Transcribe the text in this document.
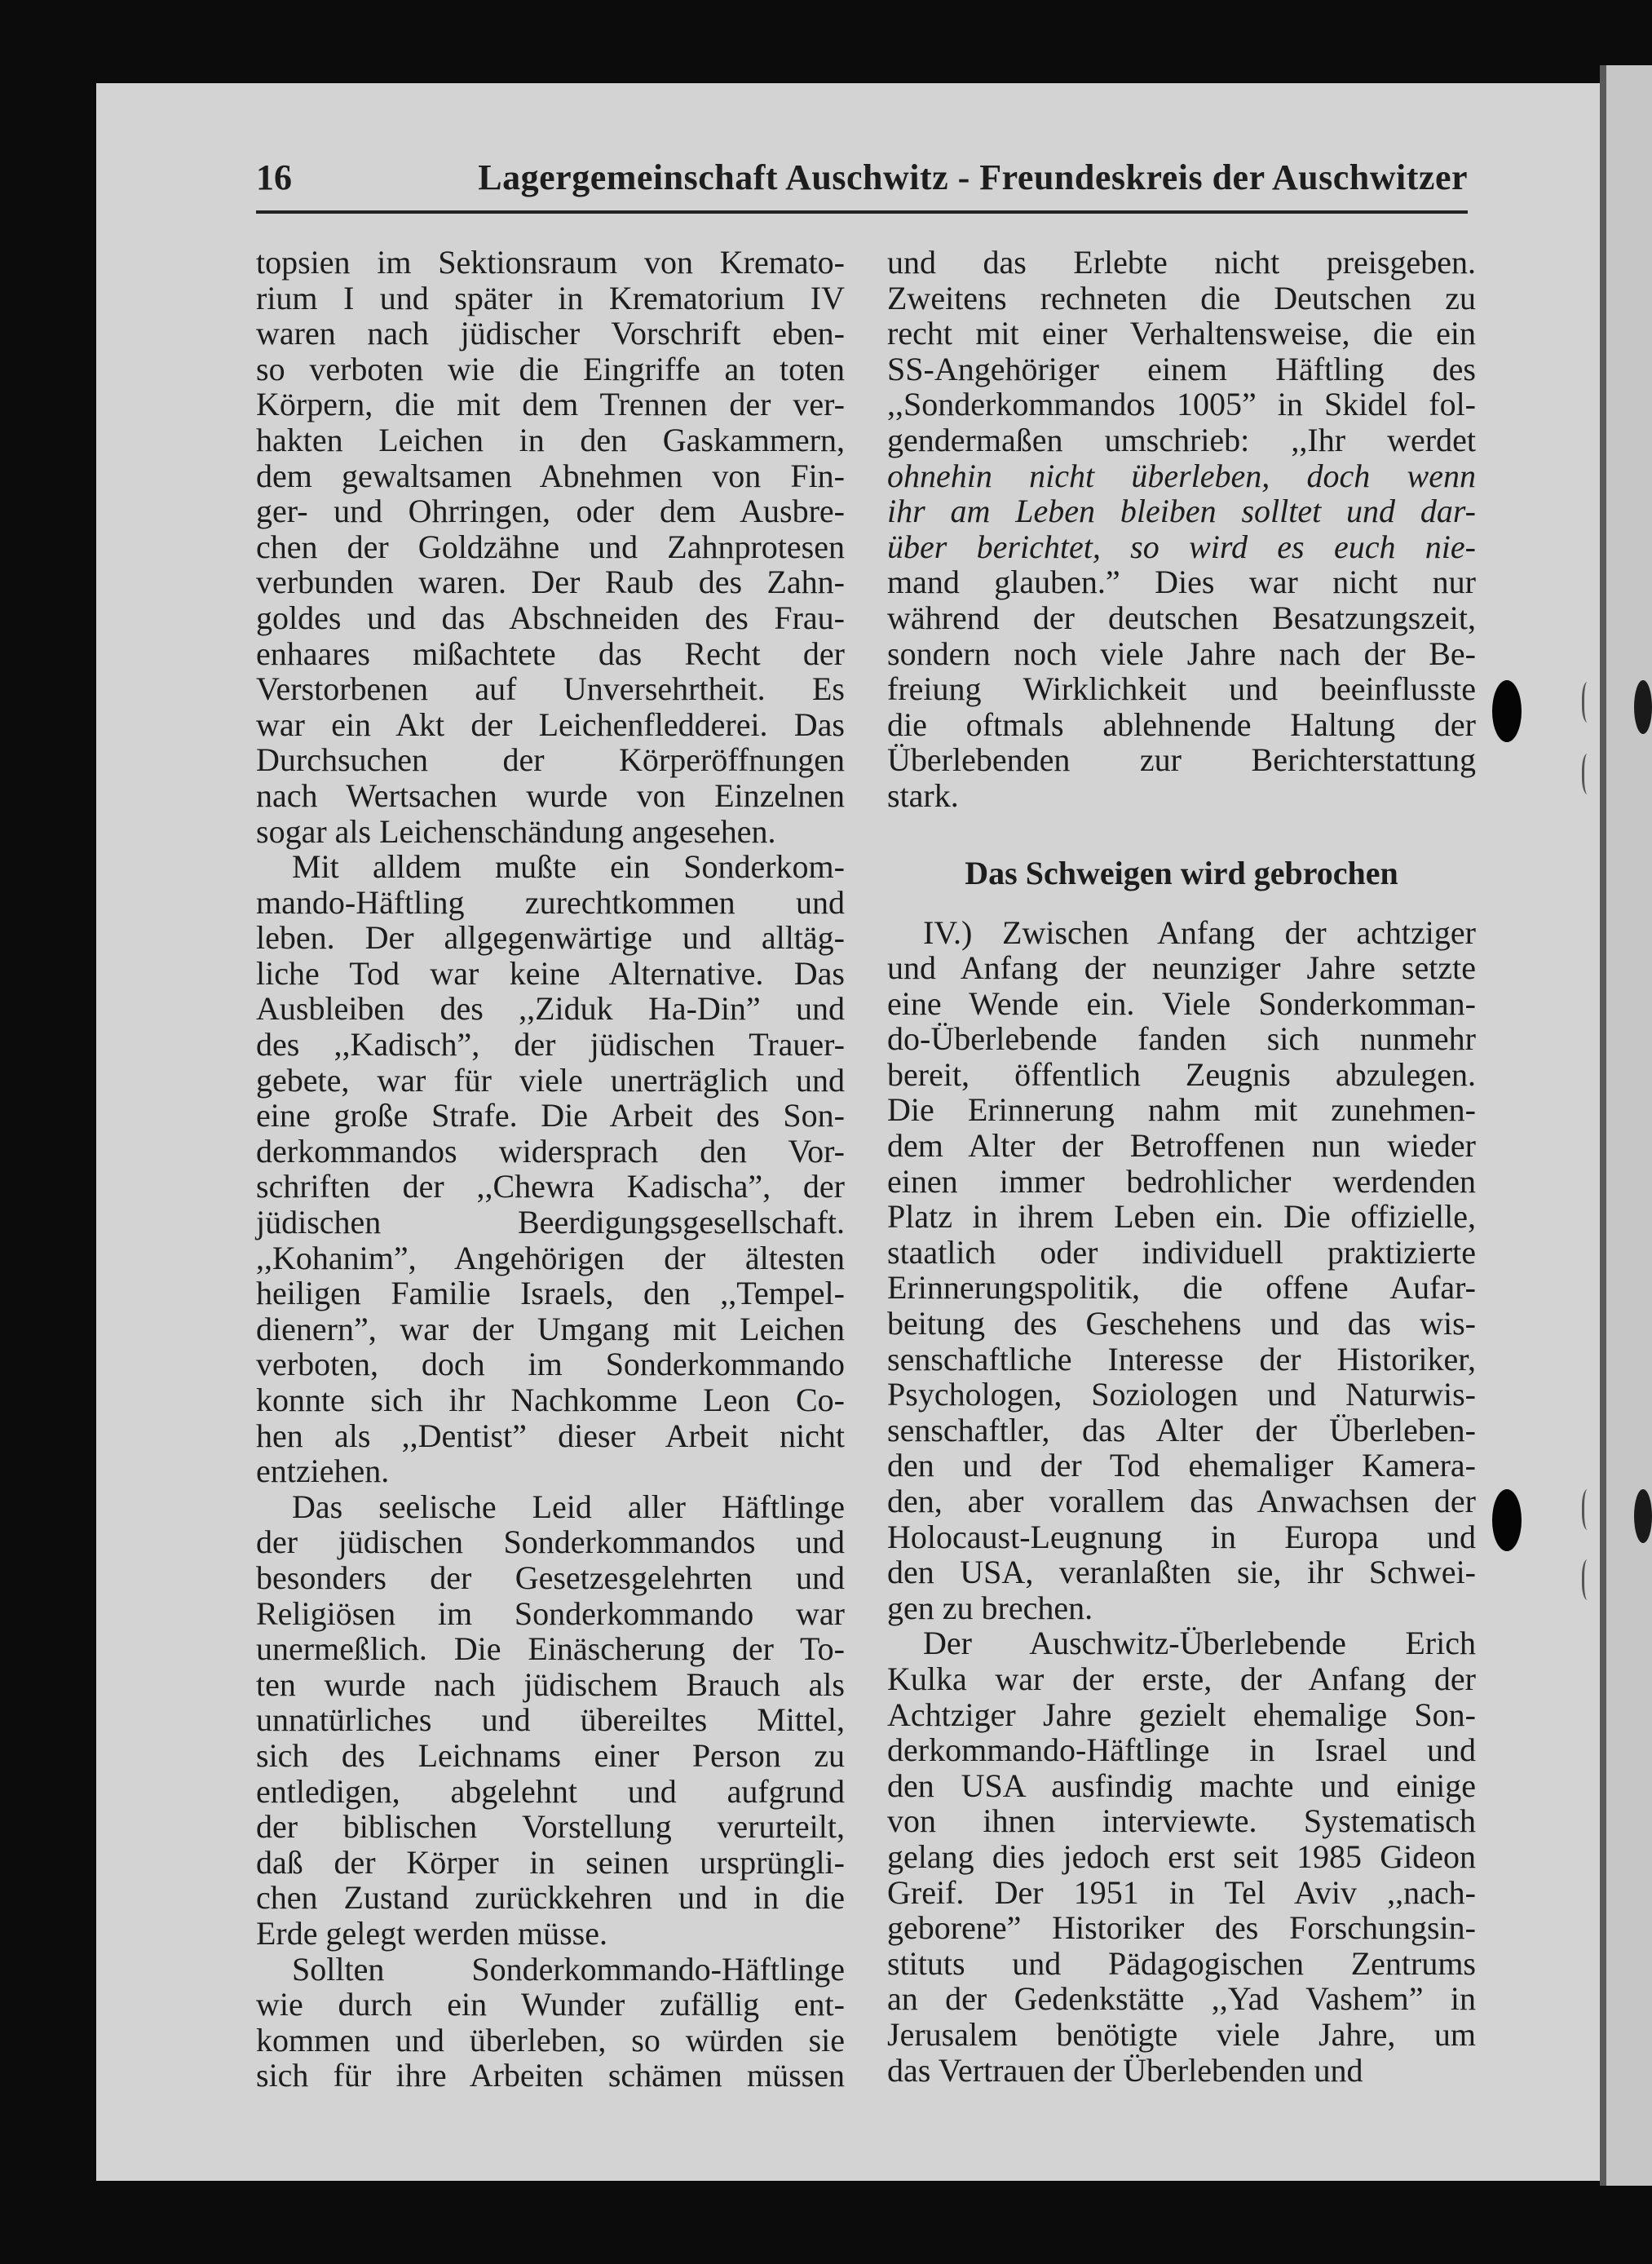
16	Lagergemeinschaft Auschwitz - Freundeskreis der Auschwitzer
topsien im Sektionsraum von Kremato-
rium I und später in Krematorium IV
waren nach jüdischer Vorschrift eben-
so verboten wie die Eingriffe an toten
Körpern, die mit dem Trennen der ver-
hakten Leichen in den Gaskammern,
dem gewaltsamen Abnehmen von Fin-
ger- und Ohrringen, oder dem Ausbre-
chen der Goldzähne und Zahnprotesen
verbunden waren. Der Raub des Zahn-
goldes und das Abschneiden des Frau-
enhaares mißachtete das Recht der
Verstorbenen auf Unversehrtheit. Es
war ein Akt der Leichenfledderei. Das
Durchsuchen der Körperöffnungen
nach Wertsachen wurde von Einzelnen
sogar als Leichenschändung angesehen.
Mit alldem mußte ein Sonderkom-
mando-Häftling zurechtkommen und
leben. Der allgegenwärtige und alltäg-
liche Tod war keine Alternative. Das
Ausbleiben des ,,Ziduk Ha-Din” und
des ,,Kadisch”, der jüdischen Trauer-
gebete, war für viele unerträglich und
eine große Strafe. Die Arbeit des Son-
derkommandos widersprach den Vor-
schriften der ,,Chewra Kadischa”, der
jüdischen Beerdigungsgesellschaft.
,,Kohanim”, Angehörigen der ältesten
heiligen Familie Israels, den ,,Tempel-
dienern”, war der Umgang mit Leichen
verboten, doch im Sonderkommando
konnte sich ihr Nachkomme Leon Co-
hen als ,,Dentist” dieser Arbeit nicht
entziehen.
Das seelische Leid aller Häftlinge
der jüdischen Sonderkommandos und
besonders der Gesetzesgelehrten und
Religiösen im Sonderkommando war
unermeßlich. Die Einäscherung der To-
ten wurde nach jüdischem Brauch als
unnatürliches und übereiltes Mittel,
sich des Leichnams einer Person zu
entledigen, abgelehnt und aufgrund
der biblischen Vorstellung verurteilt,
daß der Körper in seinen ursprüngli-
chen Zustand zurückkehren und in die
Erde gelegt werden müsse.
Sollten Sonderkommando-Häftlinge
wie durch ein Wunder zufällig ent-
kommen und überleben, so würden sie
sich für ihre Arbeiten schämen müssen
und das Erlebte nicht preisgeben.
Zweitens rechneten die Deutschen zu
recht mit einer Verhaltensweise, die ein
SS-Angehöriger einem Häftling des
,,Sonderkommandos 1005” in Skidel fol-
gendermaßen umschrieb: ,,Ihr werdet
ohnehin nicht überleben, doch wenn
ihr am Leben bleiben solltet und dar-
über berichtet, so wird es euch nie-
mand glauben.” Dies war nicht nur
während der deutschen Besatzungszeit,
sondern noch viele Jahre nach der Be-
freiung Wirklichkeit und beeinflusste
die oftmals ablehnende Haltung der
Überlebenden zur Berichterstattung
stark.
Das Schweigen wird gebrochen
IV.) Zwischen Anfang der achtziger
und Anfang der neunziger Jahre setzte
eine Wende ein. Viele Sonderkomman-
do-Überlebende fanden sich nunmehr
bereit, öffentlich Zeugnis abzulegen.
Die Erinnerung nahm mit zunehmen-
dem Alter der Betroffenen nun wieder
einen immer bedrohlicher werdenden
Platz in ihrem Leben ein. Die offizielle,
staatlich oder individuell praktizierte
Erinnerungspolitik, die offene Aufar-
beitung des Geschehens und das wis-
senschaftliche Interesse der Historiker,
Psychologen, Soziologen und Naturwis-
senschaftler, das Alter der Überleben-
den und der Tod ehemaliger Kamera-
den, aber vorallem das Anwachsen der
Holocaust-Leugnung in Europa und
den USA, veranlaßten sie, ihr Schwei-
gen zu brechen.
Der Auschwitz-Überlebende Erich
Kulka war der erste, der Anfang der
Achtziger Jahre gezielt ehemalige Son-
derkommando-Häftlinge in Israel und
den USA ausfindig machte und einige
von ihnen interviewte. Systematisch
gelang dies jedoch erst seit 1985 Gideon
Greif. Der 1951 in Tel Aviv ,,nach-
geborene” Historiker des Forschungsin-
stituts und Pädagogischen Zentrums
an der Gedenkstätte ,,Yad Vashem” in
Jerusalem benötigte viele Jahre, um
das Vertrauen der Überlebenden und
